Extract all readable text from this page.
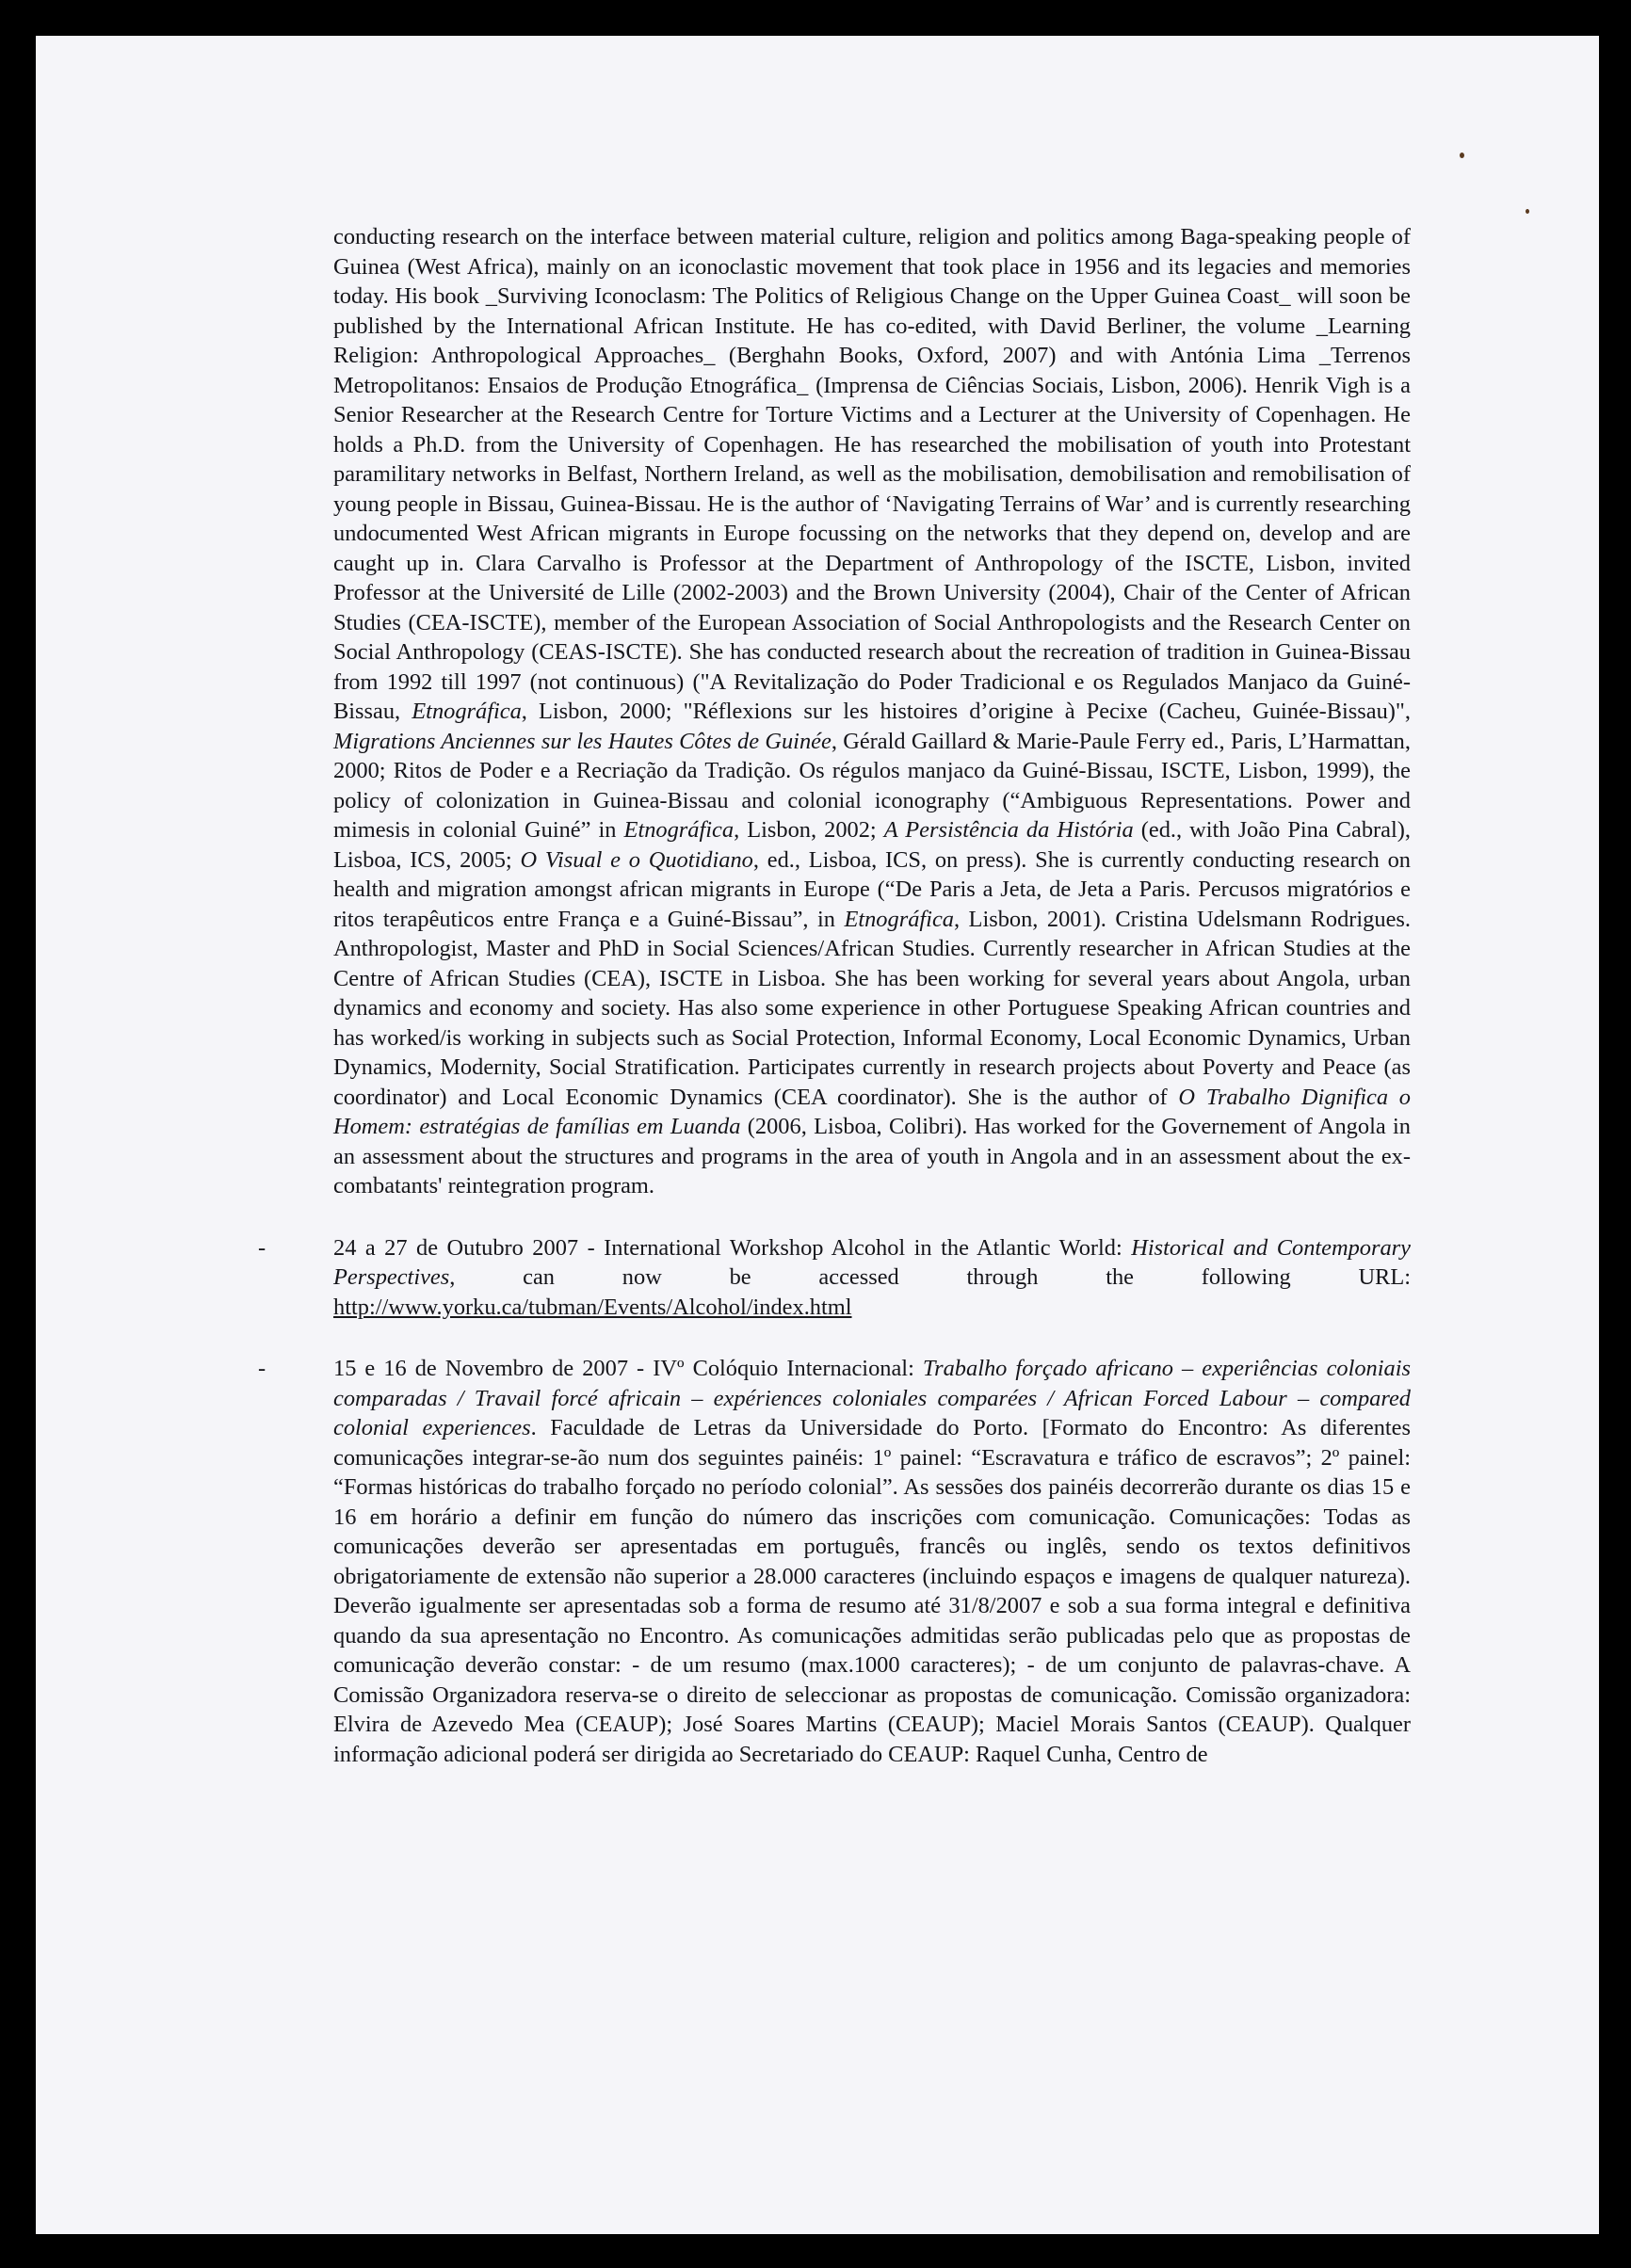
conducting research on the interface between material culture, religion and politics among Baga-speaking people of Guinea (West Africa), mainly on an iconoclastic movement that took place in 1956 and its legacies and memories today. His book _Surviving Iconoclasm: The Politics of Religious Change on the Upper Guinea Coast_ will soon be published by the International African Institute. He has co-edited, with David Berliner, the volume _Learning Religion: Anthropological Approaches_ (Berghahn Books, Oxford, 2007) and with Antónia Lima _Terrenos Metropolitanos: Ensaios de Produção Etnográfica_ (Imprensa de Ciências Sociais, Lisbon, 2006). Henrik Vigh is a Senior Researcher at the Research Centre for Torture Victims and a Lecturer at the University of Copenhagen. He holds a Ph.D. from the University of Copenhagen. He has researched the mobilisation of youth into Protestant paramilitary networks in Belfast, Northern Ireland, as well as the mobilisation, demobilisation and remobilisation of young people in Bissau, Guinea-Bissau. He is the author of ‘Navigating Terrains of War’ and is currently researching undocumented West African migrants in Europe focussing on the networks that they depend on, develop and are caught up in. Clara Carvalho is Professor at the Department of Anthropology of the ISCTE, Lisbon, invited Professor at the Université de Lille (2002-2003) and the Brown University (2004), Chair of the Center of African Studies (CEA-ISCTE), member of the European Association of Social Anthropologists and the Research Center on Social Anthropology (CEAS-ISCTE). She has conducted research about the recreation of tradition in Guinea-Bissau from 1992 till 1997 (not continuous) ("A Revitalização do Poder Tradicional e os Regulados Manjaco da Guiné-Bissau, Etnográfica, Lisbon, 2000; "Réflexions sur les histoires d’origine à Pecixe (Cacheu, Guinée-Bissau)", Migrations Anciennes sur les Hautes Côtes de Guinée, Gérald Gaillard & Marie-Paule Ferry ed., Paris, L’Harmattan, 2000; Ritos de Poder e a Recriação da Tradição. Os régulos manjaco da Guiné-Bissau, ISCTE, Lisbon, 1999), the policy of colonization in Guinea-Bissau and colonial iconography (“Ambiguous Representations. Power and mimesis in colonial Guiné” in Etnográfica, Lisbon, 2002; A Persistência da História (ed., with João Pina Cabral), Lisboa, ICS, 2005; O Visual e o Quotidiano, ed., Lisboa, ICS, on press). She is currently conducting research on health and migration amongst african migrants in Europe (“De Paris a Jeta, de Jeta a Paris. Percusos migratórios e ritos terapêuticos entre França e a Guiné-Bissau”, in Etnográfica, Lisbon, 2001). Cristina Udelsmann Rodrigues. Anthropologist, Master and PhD in Social Sciences/African Studies. Currently researcher in African Studies at the Centre of African Studies (CEA), ISCTE in Lisboa. She has been working for several years about Angola, urban dynamics and economy and society. Has also some experience in other Portuguese Speaking African countries and has worked/is working in subjects such as Social Protection, Informal Economy, Local Economic Dynamics, Urban Dynamics, Modernity, Social Stratification. Participates currently in research projects about Poverty and Peace (as coordinator) and Local Economic Dynamics (CEA coordinator). She is the author of O Trabalho Dignifica o Homem: estratégias de famílias em Luanda (2006, Lisboa, Colibri). Has worked for the Governement of Angola in an assessment about the structures and programs in the area of youth in Angola and in an assessment about the ex-combatants' reintegration program.

-	24 a 27 de Outubro 2007 - International Workshop Alcohol in the Atlantic World: Historical and Contemporary Perspectives, can now be accessed through the following URL: http://www.yorku.ca/tubman/Events/Alcohol/index.html
-	15 e 16 de Novembro de 2007 - IVº Colóquio Internacional: Trabalho forçado africano – experiências coloniais comparadas / Travail forcé africain – expériences coloniales comparées / African Forced Labour – compared colonial experiences. Faculdade de Letras da Universidade do Porto. [Formato do Encontro: As diferentes comunicações integrar-se-ão num dos seguintes painéis: 1º painel: “Escravatura e tráfico de escravos”; 2º painel: “Formas históricas do trabalho forçado no período colonial”. As sessões dos painéis decorrerão durante os dias 15 e 16 em horário a definir em função do número das inscrições com comunicação. Comunicações: Todas as comunicações deverão ser apresentadas em português, francês ou inglês, sendo os textos definitivos obrigatoriamente de extensão não superior a 28.000 caracteres (incluindo espaços e imagens de qualquer natureza). Deverão igualmente ser apresentadas sob a forma de resumo até 31/8/2007 e sob a sua forma integral e definitiva quando da sua apresentação no Encontro. As comunicações admitidas serão publicadas pelo que as propostas de comunicação deverão constar: - de um resumo (max.1000 caracteres); - de um conjunto de palavras-chave. A Comissão Organizadora reserva-se o direito de seleccionar as propostas de comunicação. Comissão organizadora: Elvira de Azevedo Mea (CEAUP); José Soares Martins (CEAUP); Maciel Morais Santos (CEAUP). Qualquer informação adicional poderá ser dirigida ao Secretariado do CEAUP: Raquel Cunha, Centro de
